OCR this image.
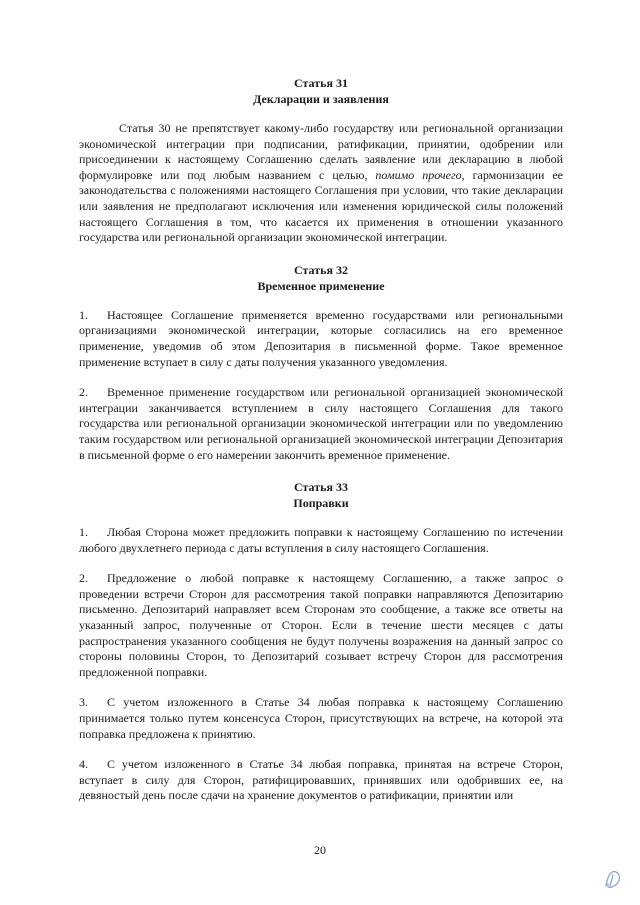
Статья 31
Декларации и заявления

Статья 30 не препятствует какому-либо государству или региональной организации экономической интеграции при подписании, ратификации, принятии, одобрении или присоединении к настоящему Соглашению сделать заявление или декларацию в любой формулировке или под любым названием с целью, помимо прочего, гармонизации ее законодательства с положениями настоящего Соглашения при условии, что такие декларации или заявления не предполагают исключения или изменения юридической силы положений настоящего Соглашения в том, что касается их применения в отношении указанного государства или региональной организации экономической интеграции.

Статья 32
Временное применение

1. Настоящее Соглашение применяется временно государствами или региональными организациями экономической интеграции, которые согласились на его временное применение, уведомив об этом Депозитария в письменной форме. Такое временное применение вступает в силу с даты получения указанного уведомления.

2. Временное применение государством или региональной организацией экономической интеграции заканчивается вступлением в силу настоящего Соглашения для такого государства или региональной организации экономической интеграции или по уведомлению таким государством или региональной организацией экономической интеграции Депозитария в письменной форме о его намерении закончить временное применение.

Статья 33
Поправки

1. Любая Сторона может предложить поправки к настоящему Соглашению по истечении любого двухлетнего периода с даты вступления в силу настоящего Соглашения.

2. Предложение о любой поправке к настоящему Соглашению, а также запрос о проведении встречи Сторон для рассмотрения такой поправки направляются Депозитарию письменно. Депозитарий направляет всем Сторонам это сообщение, а также все ответы на указанный запрос, полученные от Сторон. Если в течение шести месяцев с даты распространения указанного сообщения не будут получены возражения на данный запрос со стороны половины Сторон, то Депозитарий созывает встречу Сторон для рассмотрения предложенной поправки.

3. С учетом изложенного в Статье 34 любая поправка к настоящему Соглашению принимается только путем консенсуса Сторон, присутствующих на встрече, на которой эта поправка предложена к принятию.

4. С учетом изложенного в Статье 34 любая поправка, принятая на встрече Сторон, вступает в силу для Сторон, ратифицировавших, принявших или одобривших ее, на девяностый день после сдачи на хранение документов о ратификации, принятии или

20
